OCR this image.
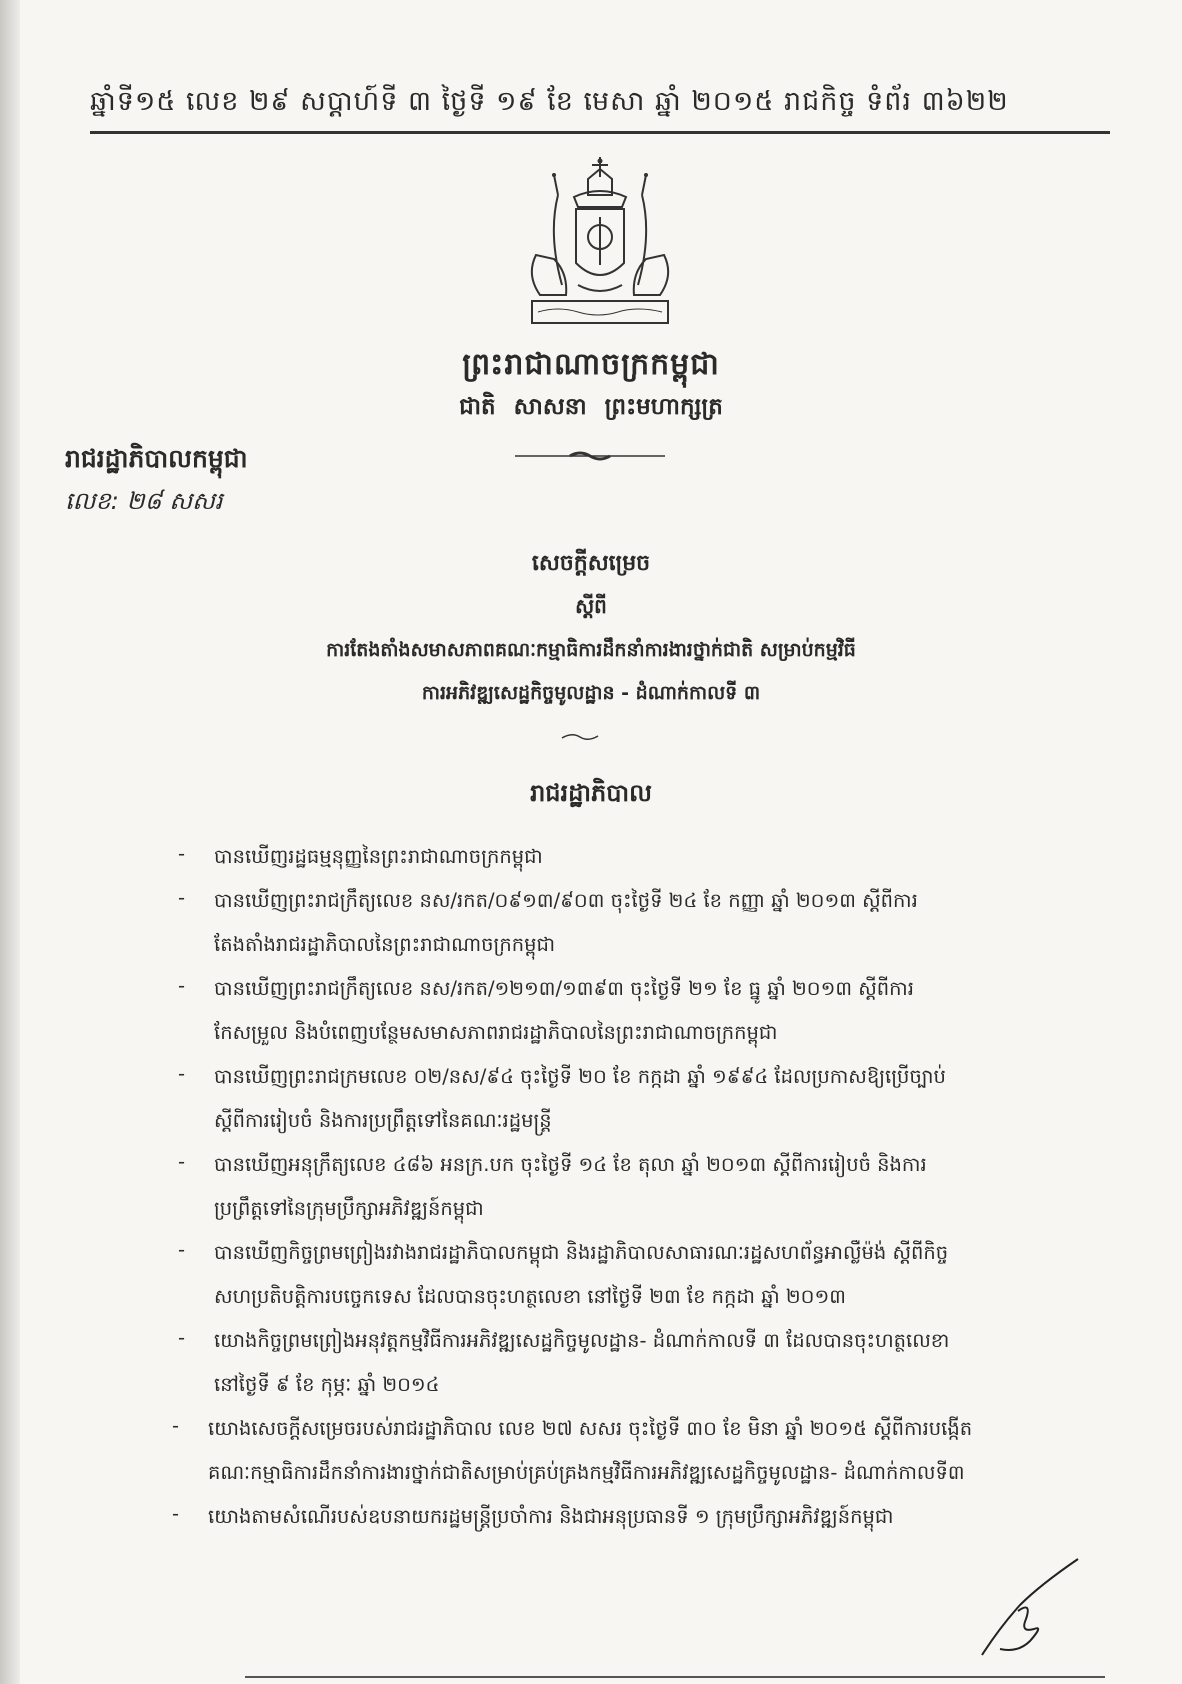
ឆ្នាំទី១៥ លេខ ២៩ សប្ដាហ៍ទី ៣ ថ្ងៃទី ១៩ ខែ មេសា ឆ្នាំ ២០១៥ រាជកិច្ច ទំព័រ ៣៦២២
ព្រះរាជាណាចក្រកម្ពុជា
ជាតិ សាសនា ព្រះមហាក្សត្រ
រាជរដ្ឋាភិបាលកម្ពុជា
លេខ: ២៨ សសរ
សេចក្ដីសម្រេច
ស្ដីពី
ការតែងតាំងសមាសភាពគណៈកម្មាធិការដឹកនាំការងារថ្នាក់ជាតិ សម្រាប់កម្មវិធី
ការអភិវឌ្ឍសេដ្ឋកិច្ចមូលដ្ឋាន - ដំណាក់កាលទី ៣
រាជរដ្ឋាភិបាល
- បានឃើញរដ្ឋធម្មនុញ្ញនៃព្រះរាជាណាចក្រកម្ពុជា
- បានឃើញព្រះរាជក្រឹត្យលេខ នស/រកត/០៩១៣/៩០៣ ចុះថ្ងៃទី ២៤ ខែ កញ្ញា ឆ្នាំ ២០១៣ ស្ដីពីការ
តែងតាំងរាជរដ្ឋាភិបាលនៃព្រះរាជាណាចក្រកម្ពុជា
- បានឃើញព្រះរាជក្រឹត្យលេខ នស/រកត/១២១៣/១៣៩៣ ចុះថ្ងៃទី ២១ ខែ ធ្នូ ឆ្នាំ ២០១៣ ស្ដីពីការ
កែសម្រួល និងបំពេញបន្ថែមសមាសភាពរាជរដ្ឋាភិបាលនៃព្រះរាជាណាចក្រកម្ពុជា
- បានឃើញព្រះរាជក្រមលេខ ០២/នស/៩៤ ចុះថ្ងៃទី ២០ ខែ កក្កដា ឆ្នាំ ១៩៩៤ ដែលប្រកាសឱ្យប្រើច្បាប់
ស្ដីពីការរៀបចំ និងការប្រព្រឹត្តទៅនៃគណៈរដ្ឋមន្ត្រី
- បានឃើញអនុក្រឹត្យលេខ ៤៨៦ អនក្រ.បក ចុះថ្ងៃទី ១៤ ខែ តុលា ឆ្នាំ ២០១៣ ស្ដីពីការរៀបចំ និងការ
ប្រព្រឹត្តទៅនៃក្រុមប្រឹក្សាអភិវឌ្ឍន៍កម្ពុជា
- បានឃើញកិច្ចព្រមព្រៀងរវាងរាជរដ្ឋាភិបាលកម្ពុជា និងរដ្ឋាភិបាលសាធារណៈរដ្ឋសហព័ន្ធអាល្លឺម៉ង់ ស្ដីពីកិច្ច
សហប្រតិបត្តិការបច្ចេកទេស ដែលបានចុះហត្ថលេខា នៅថ្ងៃទី ២៣ ខែ កក្កដា ឆ្នាំ ២០១៣
- យោងកិច្ចព្រមព្រៀងអនុវត្តកម្មវិធីការអភិវឌ្ឍសេដ្ឋកិច្ចមូលដ្ឋាន- ដំណាក់កាលទី ៣ ដែលបានចុះហត្ថលេខា
នៅថ្ងៃទី ៩ ខែ កុម្ភៈ ឆ្នាំ ២០១៤
- យោងសេចក្ដីសម្រេចរបស់រាជរដ្ឋាភិបាល លេខ ២៧ សសរ ចុះថ្ងៃទី ៣០ ខែ មិនា ឆ្នាំ ២០១៥ ស្ដីពីការបង្កើត
គណៈកម្មាធិការដឹកនាំការងារថ្នាក់ជាតិសម្រាប់គ្រប់គ្រងកម្មវិធីការអភិវឌ្ឍសេដ្ឋកិច្ចមូលដ្ឋាន- ដំណាក់កាលទី៣
- យោងតាមសំណើរបស់ឧបនាយករដ្ឋមន្ត្រីប្រចាំការ និងជាអនុប្រធានទី ១ ក្រុមប្រឹក្សាអភិវឌ្ឍន៍កម្ពុជា
